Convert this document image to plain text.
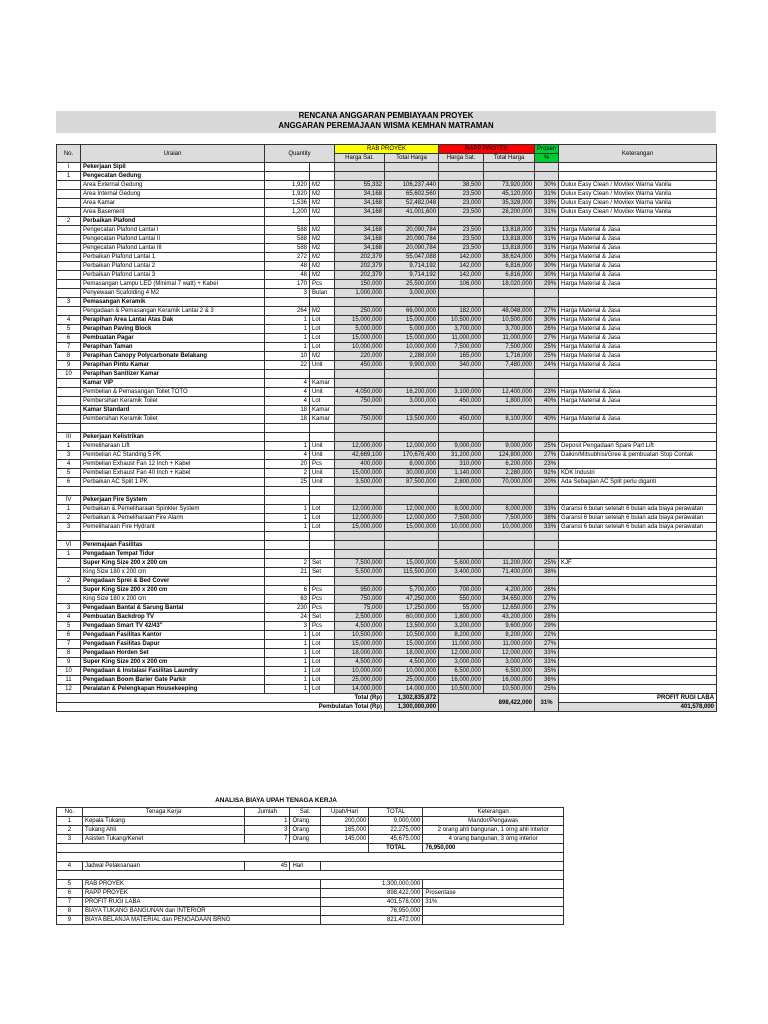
RENCANA ANGGARAN PEMBIAYAAN PROYEK
ANGGARAN PEREMAJAAN WISMA KEMHAN MATRAMAN
No.	Uraian	Quantity		RAB PROYEK		RAPP PROYEK		Prosen	Keterangan
				Harga Sat.	Total Harga	Harga Sat.	Total Harga	%	
I	Pekerjaan Sipil								
1	Pengecatan Gedung								
	Area External Gedung	1,920	M2	55,332	106,237,440	38,500	73,920,000	30%	Dulux Easy Clean / Movilex Warna Vanila
	Area Internal Gedung	1,920	M2	34,168	65,602,560	23,500	45,120,000	31%	Dulux Easy Clean / Movilex Warna Vanila
	Area Kamar	1,536	M2	34,168	52,482,048	23,000	35,328,000	33%	Dulux Easy Clean / Movilex Warna Vanila
	Area Basement	1,200	M2	34,168	41,001,600	23,500	28,200,000	31%	Dulux Easy Clean / Movilex Warna Vanila
2	Perbaikan Plafond								
	Pengecatan Plafond Lantai I	588	M2	34,168	20,090,784	23,500	13,818,000	31%	Harga Material & Jasa
	Pengecatan Plafond Lantai II	588	M2	34,168	20,090,784	23,500	13,818,000	31%	Harga Material & Jasa
	Pengecatan Plafond Lantai III	588	M2	34,168	20,090,784	23,500	13,818,000	31%	Harga Material & Jasa
	Perbaikan Plafond Lantai 1	272	M2	202,379	55,047,088	142,000	38,624,000	30%	Harga Material & Jasa
	Perbaikan Plafond Lantai 2	48	M2	202,379	9,714,192	142,000	6,816,000	30%	Harga Material & Jasa
	Perbaikan Plafond Lantai 3	48	M2	202,379	9,714,192	142,000	6,816,000	30%	Harga Material & Jasa
	Pemasangan Lampu LED (Minimal 7 watt) + Kabel	170	Pcs	150,000	25,500,000	106,000	18,020,000	29%	Harga Material & Jasa
	Penyewaan Scafolding 4 M2	3	Bulan	1,000,000	3,000,000				
3	Pemasangan Keramik								
	Pengadaan & Pemasangan Keramik Lantai 2 & 3	264	M2	250,000	66,000,000	182,000	48,048,000	27%	Harga Material & Jasa
4	Perapihan Area Lantai Atas Dak	1	Lot	15,000,000	15,000,000	10,500,000	10,500,000	30%	Harga Material & Jasa
5	Perapihan Paving Block	1	Lot	5,000,000	5,000,000	3,700,000	3,700,000	26%	Harga Material & Jasa
6	Pembuatan Pagar	1	Lot	15,000,000	15,000,000	11,000,000	11,000,000	27%	Harga Material & Jasa
7	Perapihan Taman	1	Lot	10,000,000	10,000,000	7,500,000	7,500,000	25%	Harga Material & Jasa
8	Perapihan Canopy Polycarbonate Belakang	10	M2	220,000	2,288,000	165,000	1,716,000	25%	Harga Material & Jasa
9	Perapihan Pintu Kamar	22	Unit	450,000	9,900,000	340,000	7,480,000	24%	Harga Material & Jasa
10	Perapihan Sanitizer Kamar								
	Kamar VIP	4	Kamar						
	Pembelian & Pemasangan Toilet TOTO	4	Unit	4,050,000	16,200,000	3,100,000	12,400,000	23%	Harga Material & Jasa
	Pembersihan Keramik Toilet	4	Lot	750,000	3,000,000	450,000	1,800,000	40%	Harga Material & Jasa
	Kamar Standard	18	Kamar						
	Pembersihan Keramik Toilet	18	Kamar	750,000	13,500,000	450,000	8,100,000	40%	Harga Material & Jasa

III	Pekerjaan Kelistrikan								
1	Pemeliharaan Lift	1	Unit	12,000,000	12,000,000	9,000,000	9,000,000	25%	Deposit Pengadaan Spare Part Lift
3	Pembelian AC Standing 5 PK	4	Unit	42,669,100	170,676,400	31,200,000	124,800,000	27%	Daikin/Mitsubhisi/Gree & pembuatan Stop Contak
4	Pembelian Exhaust Fan 12 Inch + Kabel	20	Pcs	400,000	8,000,000	310,000	6,200,000	23%	
5	Pembelian Exhaust Fan 40 Inch + Kabel	2	Unit	15,000,000	30,000,000	1,140,000	2,280,000	92%	KDK Industri
6	Perbaikan AC Split 1 PK	25	Unit	3,500,000	87,500,000	2,800,000	70,000,000	20%	Ada Sebagian AC Split perlu diganti

IV	Pekerjaan Fire System								
1	Perbaikan & Pemeliharaan Spinkler System	1	Lot	12,000,000	12,000,000	8,000,000	8,000,000	33%	Garansi 6 bulan setelah 6 bulan ada biaya perawatan
2	Perbaikan & Pemeliharaan Fire Alarm	1	Lot	12,000,000	12,000,000	7,500,000	7,500,000	38%	Garansi 6 bulan setelah 6 bulan ada biaya perawatan
3	Pemeliharaan Fire Hydrant	1	Lot	15,000,000	15,000,000	10,000,000	10,000,000	33%	Garansi 6 bulan setelah 6 bulan ada biaya perawatan

VI	Peremajaan Fasilitas								
1	Pengadaan Tempat Tidur								
	Super King Size 200 x 200 cm	2	Set	7,500,000	15,000,000	5,600,000	11,200,000	25%	KJF
	King Size 180 x 200 cm	21	Set	5,500,000	115,500,000	3,400,000	71,400,000	38%	
2	Pengadaan Sprei & Bed Cover								
	Super King Size 200 x 200 cm	6	Pcs	950,000	5,700,000	700,000	4,200,000	26%	
	King Size 180 x 200 cm	63	Pcs	750,000	47,250,000	550,000	34,650,000	27%	
3	Pengadaan Bantal & Sarung Bantal	230	Pcs	75,000	17,250,000	55,000	12,650,000	27%	
4	Pembuatan Backdrop TV	24	Set	2,500,000	60,000,000	1,800,000	43,200,000	28%	
5	Pengadaan Smart TV 42/43"	3	Pcs	4,500,000	13,500,000	3,200,000	9,600,000	29%	
6	Pengadaan Fasilitas Kantor	1	Lot	10,500,000	10,500,000	8,200,000	8,200,000	22%	
7	Pengadaan Fasilitas Dapur	1	Lot	15,000,000	15,000,000	11,000,000	11,000,000	27%	
8	Pengadaan Horden Set	1	Lot	18,000,000	18,000,000	12,000,000	12,000,000	33%	
9	Super King Size 200 x 200 cm	1	Lot	4,500,000	4,500,000	3,000,000	3,000,000	33%	
10	Pengadaan & Instalasi Fasilitas Laundry	1	Lot	10,000,000	10,000,000	6,500,000	6,500,000	35%	
11	Pengadaan Boom Barier Gate Parkir	1	Lot	25,000,000	25,000,000	16,000,000	16,000,000	36%	
12	Peralatan & Pelengkapan Housekeeping	1	Lot	14,000,000	14,000,000	10,500,000	10,500,000	25%	
Total (Rp)					1,302,835,872	898,422,000		31%	PROFIT RUGI LABA
Pembulatan Total (Rp)					1,300,000,000				401,578,000

No.	Tenaga Kerja	Jumlah	Sat.	Upah/Hari	TOTAL	Keterangan
1	Kepala Tukang	1	Orang	200,000	9,000,000	Mandor/Pengawas
2	Tukang Ahli	3	Orang	165,000	22,275,000	2 orang ahli bangunan, 1 orng ahli interior
3	Asisten Tukang/Kenet	7	Orang	145,000	45,675,000	4 orang bangunan, 3 orng interior
					TOTAL	76,950,000

4	Jadwal Pelaksanaan	45	Hari			

5	RAB PROYEK			1,300,000,000		
6	RAPP PROYEK			898,422,000		Prosentase
7	PROFIT RUGI LABA			401,578,000		31%
8	BIAYA TUKANG BANGUNAN dan INTERIOR			76,950,000		
9	BIAYA BELANJA MATERIAL dan PENGADAAN BRNG			821,472,000		
ANALISA BIAYA UPAH TENAGA KERJA
